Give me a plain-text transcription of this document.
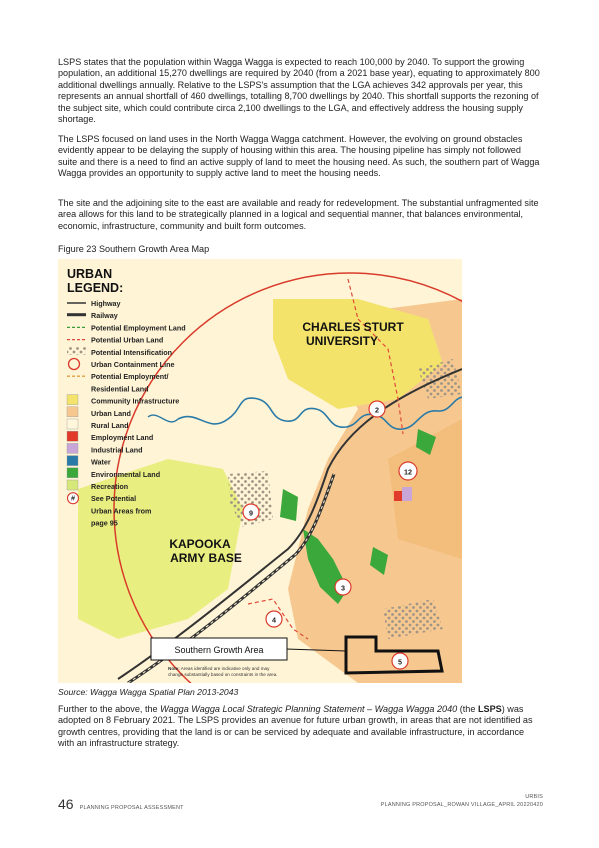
LSPS states that the population within Wagga Wagga is expected to reach 100,000 by 2040. To support the growing population, an additional 15,270 dwellings are required by 2040 (from a 2021 base year), equating to approximately 800 additional dwellings annually. Relative to the LSPS's assumption that the LGA achieves 342 approvals per year, this represents an annual shortfall of 460 dwellings, totalling 8,700 dwellings by 2040. This shortfall supports the rezoning of the subject site, which could contribute circa 2,100 dwellings to the LGA, and effectively address the housing supply shortage.

The LSPS focused on land uses in the North Wagga Wagga catchment. However, the evolving on ground obstacles evidently appear to be delaying the supply of housing within this area. The housing pipeline has simply not followed suite and there is a need to find an active supply of land to meet the housing need. As such, the southern part of Wagga Wagga provides an opportunity to supply active land to meet the housing needs.

The site and the adjoining site to the east are available and ready for redevelopment. The substantial unfragmented site area allows for this land to be strategically planned in a logical and sequential manner, that balances environmental, economic, infrastructure, community and built form outcomes.

Figure 23 Southern Growth Area Map
2
12
9
3
4
5
CHARLES STURT
UNIVERSITY
KAPOOKA
ARMY BASE
URBAN
LEGEND:
Highway
Railway
Potential Employment Land
Potential Urban Land
Potential Intensification
Urban Containment Line
Potential Employment/
Residential Land
Community Infrastructure
Urban Land
Rural Land
Employment Land
Industrial Land
Water
Environmental Land
Recreation
# See Potential
Urban Areas from
page 95
Southern Growth Area
Note: Areas identified are indicative only and may
change substantially based on constraints in the area.
Source: Wagga Wagga Spatial Plan 2013-2043

Further to the above, the Wagga Wagga Local Strategic Planning Statement – Wagga Wagga 2040 (the LSPS) was adopted on 8 February 2021. The LSPS provides an avenue for future urban growth, in areas that are not identified as growth centres, providing that the land is or can be serviced by adequate and available infrastructure, in accordance with an infrastructure strategy.

46 PLANNING PROPOSAL ASSESSMENT
URBIS
PLANNING PROPOSAL_ROWAN VILLAGE_APRIL 20220420
